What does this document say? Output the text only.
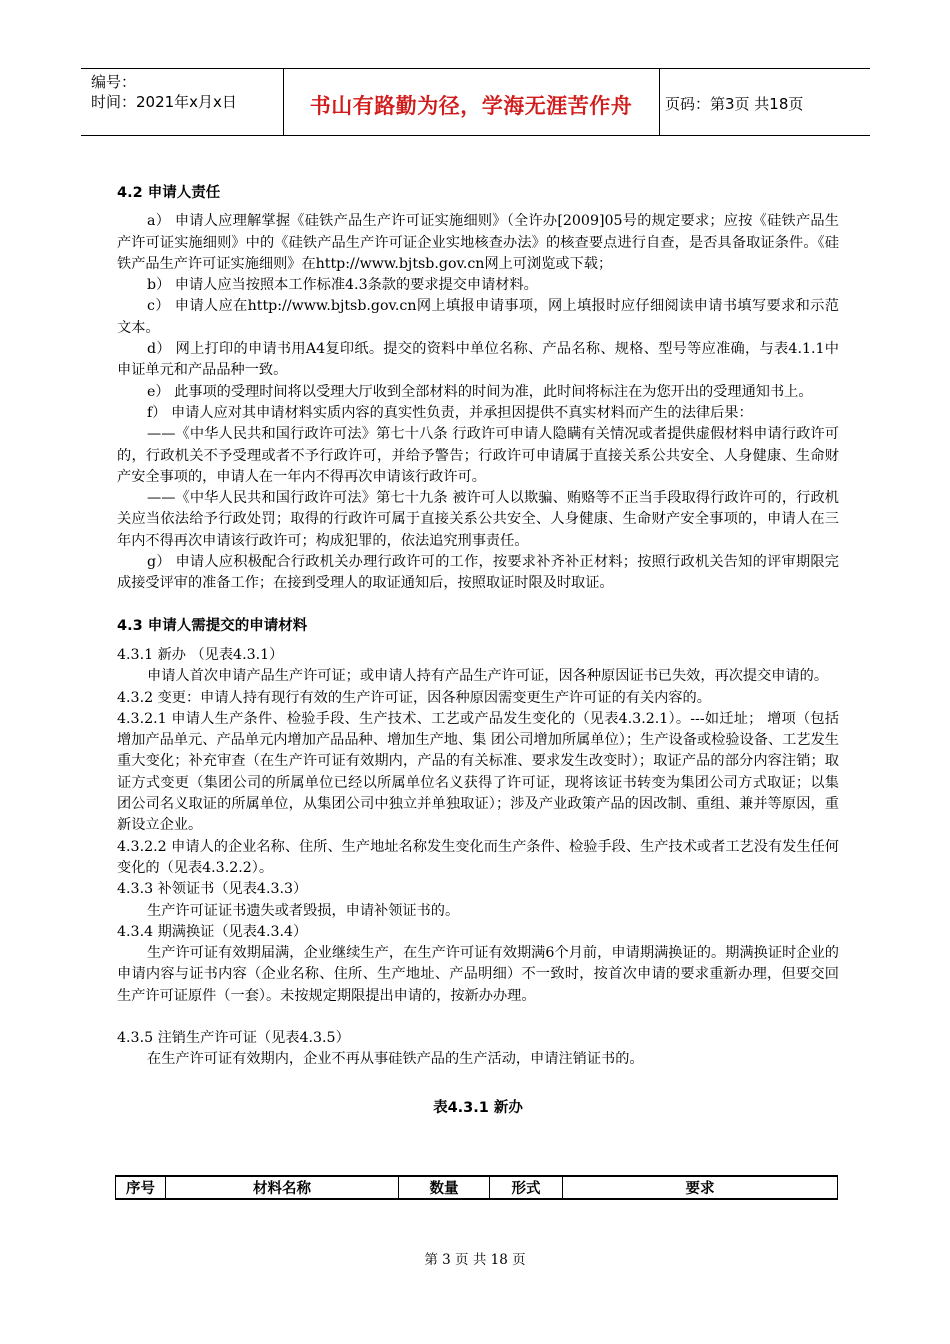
编号：
时间：2021年x月x日	书山有路勤为径，学海无涯苦作舟	页码：第3页 共18页
4.2 申请人责任
a） 申请人应理解掌握《硅铁产品生产许可证实施细则》（全许办[2009]05号的规定要求；应按《硅铁产品生产许可证实施细则》中的《硅铁产品生产许可证企业实地核查办法》的核查要点进行自查，是否具备取证条件。《硅铁产品生产许可证实施细则》在http://www.bjtsb.gov.cn网上可浏览或下载；
b） 申请人应当按照本工作标准4.3条款的要求提交申请材料。
c） 申请人应在http://www.bjtsb.gov.cn网上填报申请事项，网上填报时应仔细阅读申请书填写要求和示范文本。
d） 网上打印的申请书用A4复印纸。提交的资料中单位名称、产品名称、规格、型号等应准确，与表4.1.1中申证单元和产品品种一致。
e） 此事项的受理时间将以受理大厅收到全部材料的时间为准，此时间将标注在为您开出的受理通知书上。
f） 申请人应对其申请材料实质内容的真实性负责，并承担因提供不真实材料而产生的法律后果：
——《中华人民共和国行政许可法》第七十八条 行政许可申请人隐瞒有关情况或者提供虚假材料申请行政许可的，行政机关不予受理或者不予行政许可，并给予警告；行政许可申请属于直接关系公共安全、人身健康、生命财产安全事项的，申请人在一年内不得再次申请该行政许可。
——《中华人民共和国行政许可法》第七十九条 被许可人以欺骗、贿赂等不正当手段取得行政许可的，行政机关应当依法给予行政处罚；取得的行政许可属于直接关系公共安全、人身健康、生命财产安全事项的，申请人在三年内不得再次申请该行政许可；构成犯罪的，依法追究刑事责任。
g） 申请人应积极配合行政机关办理行政许可的工作，按要求补齐补正材料；按照行政机关告知的评审期限完成接受评审的准备工作；在接到受理人的取证通知后，按照取证时限及时取证。
4.3 申请人需提交的申请材料
4.3.1 新办 （见表4.3.1）
申请人首次申请产品生产许可证；或申请人持有产品生产许可证，因各种原因证书已失效，再次提交申请的。
4.3.2 变更：申请人持有现行有效的生产许可证，因各种原因需变更生产许可证的有关内容的。
4.3.2.1 申请人生产条件、检验手段、生产技术、工艺或产品发生变化的（见表4.3.2.1）。---如迁址； 增项（包括增加产品单元、产品单元内增加产品品种、增加生产地、集 团公司增加所属单位）；生产设备或检验设备、工艺发生重大变化；补充审查（在生产许可证有效期内，产品的有关标准、要求发生改变时）；取证产品的部分内容注销；取证方式变更（集团公司的所属单位已经以所属单位名义获得了许可证，现将该证书转变为集团公司方式取证；以集团公司名义取证的所属单位，从集团公司中独立并单独取证）；涉及产业政策产品的因改制、重组、兼并等原因，重新设立企业。
4.3.2.2 申请人的企业名称、住所、生产地址名称发生变化而生产条件、检验手段、生产技术或者工艺没有发生任何变化的（见表4.3.2.2）。
4.3.3 补领证书（见表4.3.3）
生产许可证证书遗失或者毁损，申请补领证书的。
4.3.4 期满换证（见表4.3.4）
生产许可证有效期届满，企业继续生产，在生产许可证有效期满6个月前，申请期满换证的。期满换证时企业的申请内容与证书内容（企业名称、住所、生产地址、产品明细）不一致时，按首次申请的要求重新办理，但要交回生产许可证原件（一套）。未按规定期限提出申请的，按新办办理。
4.3.5 注销生产许可证（见表4.3.5）
在生产许可证有效期内，企业不再从事硅铁产品的生产活动，申请注销证书的。
表4.3.1 新办
序号	材料名称	数量	形式	要求
第 3 页 共 18 页
